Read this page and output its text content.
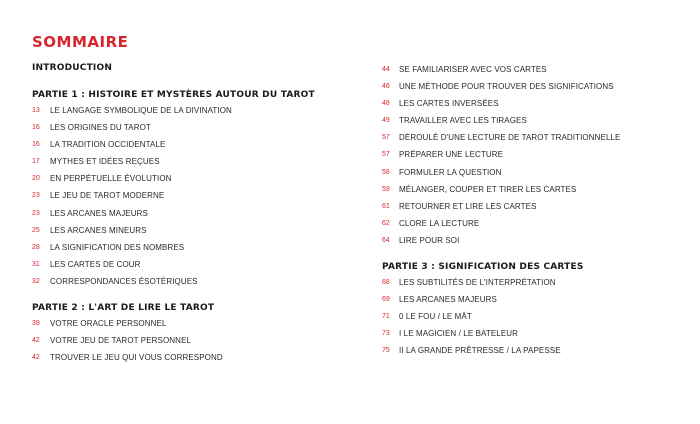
SOMMAIRE
INTRODUCTION
PARTIE 1 : HISTOIRE ET MYSTÈRES AUTOUR DU TAROT
13	LE LANGAGE SYMBOLIQUE DE LA DIVINATION
16	LES ORIGINES DU TAROT
16	LA TRADITION OCCIDENTALE
17	MYTHES ET IDÉES REÇUES
20	EN PERPÉTUELLE ÉVOLUTION
23	LE JEU DE TAROT MODERNE
23	LES ARCANES MAJEURS
25	LES ARCANES MINEURS
28	LA SIGNIFICATION DES NOMBRES
31	LES CARTES DE COUR
32	CORRESPONDANCES ÉSOTÉRIQUES
PARTIE 2 : L'ART DE LIRE LE TAROT
39	VOTRE ORACLE PERSONNEL
42	VOTRE JEU DE TAROT PERSONNEL
42	TROUVER LE JEU QUI VOUS CORRESPOND
44	SE FAMILIARISER AVEC VOS CARTES
46	UNE MÉTHODE POUR TROUVER DES SIGNIFICATIONS
48	LES CARTES INVERSÉES
49	TRAVAILLER AVEC LES TIRAGES
57	DÉROULÉ D'UNE LECTURE DE TAROT TRADITIONNELLE
57	PRÉPARER UNE LECTURE
58	FORMULER LA QUESTION
59	MÉLANGER, COUPER ET TIRER LES CARTES
61	RETOURNER ET LIRE LES CARTES
62	CLORE LA LECTURE
64	LIRE POUR SOI
PARTIE 3 : SIGNIFICATION DES CARTES
68	LES SUBTILITÉS DE L'INTERPRÉTATION
69	LES ARCANES MAJEURS
71	0 LE FOU / LE MÂT
73	I LE MAGICIEN / LE BATELEUR
75	II LA GRANDE PRÊTRESSE / LA PAPESSE
